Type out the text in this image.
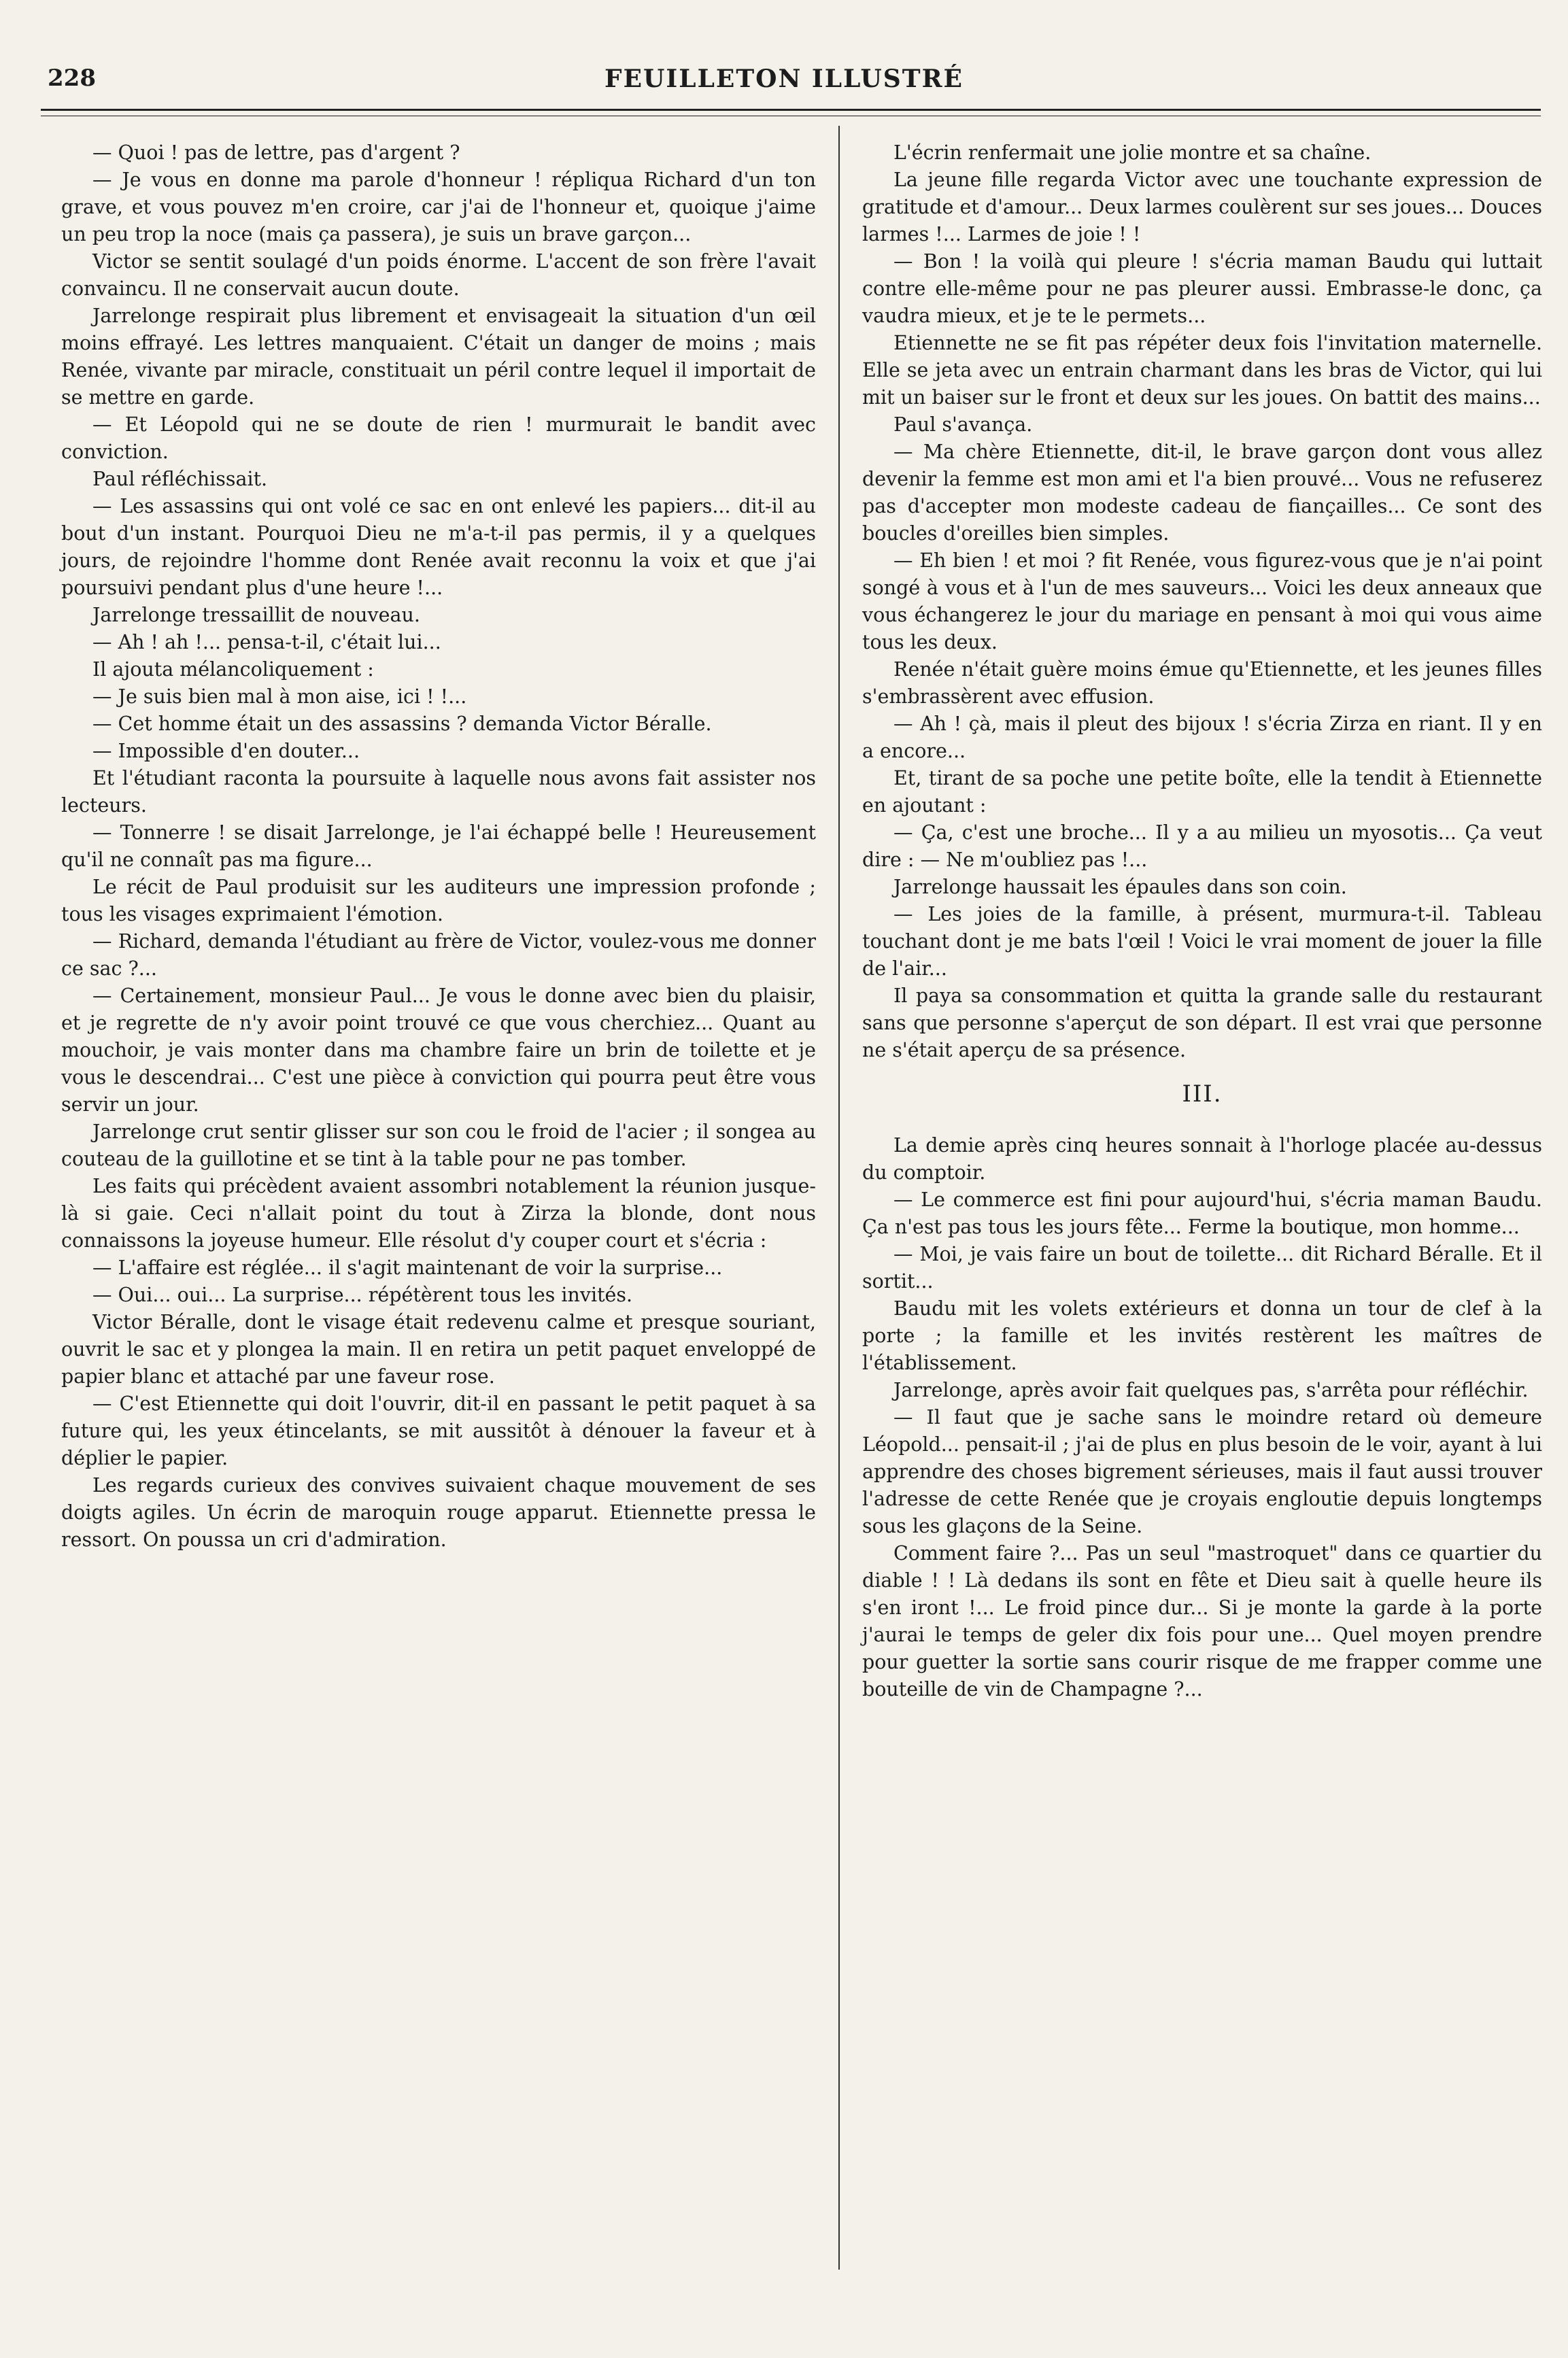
228	FEUILLETON ILLUSTRÉ

— Quoi ! pas de lettre, pas d'argent ?

— Je vous en donne ma parole d'honneur ! répliqua Richard d'un ton grave, et vous pouvez m'en croire, car j'ai de l'honneur et, quoique j'aime un peu trop la noce (mais ça passera), je suis un brave garçon...

Victor se sentit soulagé d'un poids énorme. L'accent de son frère l'avait convaincu. Il ne conservait aucun doute.

Jarrelonge respirait plus librement et envisageait la situation d'un œil moins effrayé. Les lettres manquaient. C'était un danger de moins ; mais Renée, vivante par miracle, constituait un péril contre lequel il importait de se mettre en garde.

— Et Léopold qui ne se doute de rien ! murmurait le bandit avec conviction.

Paul réfléchissait.

— Les assassins qui ont volé ce sac en ont enlevé les papiers... dit-il au bout d'un instant. Pourquoi Dieu ne m'a-t-il pas permis, il y a quelques jours, de rejoindre l'homme dont Renée avait reconnu la voix et que j'ai poursuivi pendant plus d'une heure !...

Jarrelonge tressaillit de nouveau.

— Ah ! ah !... pensa-t-il, c'était lui...

Il ajouta mélancoliquement :

— Je suis bien mal à mon aise, ici ! !...

— Cet homme était un des assassins ? demanda Victor Béralle.

— Impossible d'en douter...

Et l'étudiant raconta la poursuite à laquelle nous avons fait assister nos lecteurs.

— Tonnerre ! se disait Jarrelonge, je l'ai échappé belle ! Heureusement qu'il ne connaît pas ma figure...

Le récit de Paul produisit sur les auditeurs une impression profonde ; tous les visages exprimaient l'émotion.

— Richard, demanda l'étudiant au frère de Victor, voulez-vous me donner ce sac ?...

— Certainement, monsieur Paul... Je vous le donne avec bien du plaisir, et je regrette de n'y avoir point trouvé ce que vous cherchiez... Quant au mouchoir, je vais monter dans ma chambre faire un brin de toilette et je vous le descendrai... C'est une pièce à conviction qui pourra peut être vous servir un jour.

Jarrelonge crut sentir glisser sur son cou le froid de l'acier ; il songea au couteau de la guillotine et se tint à la table pour ne pas tomber.

Les faits qui précèdent avaient assombri notablement la réunion jusque-là si gaie. Ceci n'allait point du tout à Zirza la blonde, dont nous connaissons la joyeuse humeur. Elle résolut d'y couper court et s'écria :

— L'affaire est réglée... il s'agit maintenant de voir la surprise...

— Oui... oui... La surprise... répétèrent tous les invités.

Victor Béralle, dont le visage était redevenu calme et presque souriant, ouvrit le sac et y plongea la main. Il en retira un petit paquet enveloppé de papier blanc et attaché par une faveur rose.

— C'est Etiennette qui doit l'ouvrir, dit-il en passant le petit paquet à sa future qui, les yeux étincelants, se mit aussitôt à dénouer la faveur et à déplier le papier.

Les regards curieux des convives suivaient chaque mouvement de ses doigts agiles. Un écrin de maroquin rouge apparut. Etiennette pressa le ressort. On poussa un cri d'admiration.

L'écrin renfermait une jolie montre et sa chaîne.

La jeune fille regarda Victor avec une touchante expression de gratitude et d'amour... Deux larmes coulèrent sur ses joues... Douces larmes !... Larmes de joie ! !

— Bon ! la voilà qui pleure ! s'écria maman Baudu qui luttait contre elle-même pour ne pas pleurer aussi. Embrasse-le donc, ça vaudra mieux, et je te le permets...

Etiennette ne se fit pas répéter deux fois l'invitation maternelle. Elle se jeta avec un entrain charmant dans les bras de Victor, qui lui mit un baiser sur le front et deux sur les joues. On battit des mains...

Paul s'avança.

— Ma chère Etiennette, dit-il, le brave garçon dont vous allez devenir la femme est mon ami et l'a bien prouvé... Vous ne refuserez pas d'accepter mon modeste cadeau de fiançailles... Ce sont des boucles d'oreilles bien simples.

— Eh bien ! et moi ? fit Renée, vous figurez-vous que je n'ai point songé à vous et à l'un de mes sauveurs... Voici les deux anneaux que vous échangerez le jour du mariage en pensant à moi qui vous aime tous les deux.

Renée n'était guère moins émue qu'Etiennette, et les jeunes filles s'embrassèrent avec effusion.

— Ah ! çà, mais il pleut des bijoux ! s'écria Zirza en riant. Il y en a encore...

Et, tirant de sa poche une petite boîte, elle la tendit à Etiennette en ajoutant :

— Ça, c'est une broche... Il y a au milieu un myosotis... Ça veut dire : — Ne m'oubliez pas !...

Jarrelonge haussait les épaules dans son coin.

— Les joies de la famille, à présent, murmura-t-il. Tableau touchant dont je me bats l'œil ! Voici le vrai moment de jouer la fille de l'air...

Il paya sa consommation et quitta la grande salle du restaurant sans que personne s'aperçut de son départ. Il est vrai que personne ne s'était aperçu de sa présence.

III.

La demie après cinq heures sonnait à l'horloge placée au-dessus du comptoir.

— Le commerce est fini pour aujourd'hui, s'écria maman Baudu. Ça n'est pas tous les jours fête... Ferme la boutique, mon homme...

— Moi, je vais faire un bout de toilette... dit Richard Béralle. Et il sortit...

Baudu mit les volets extérieurs et donna un tour de clef à la porte ; la famille et les invités restèrent les maîtres de l'établissement.

Jarrelonge, après avoir fait quelques pas, s'arrêta pour réfléchir.

— Il faut que je sache sans le moindre retard où demeure Léopold... pensait-il ; j'ai de plus en plus besoin de le voir, ayant à lui apprendre des choses bigrement sérieuses, mais il faut aussi trouver l'adresse de cette Renée que je croyais engloutie depuis longtemps sous les glaçons de la Seine.

Comment faire ?... Pas un seul "mastroquet" dans ce quartier du diable ! ! Là dedans ils sont en fête et Dieu sait à quelle heure ils s'en iront !... Le froid pince dur... Si je monte la garde à la porte j'aurai le temps de geler dix fois pour une... Quel moyen prendre pour guetter la sortie sans courir risque de me frapper comme une bouteille de vin de Champagne ?...
